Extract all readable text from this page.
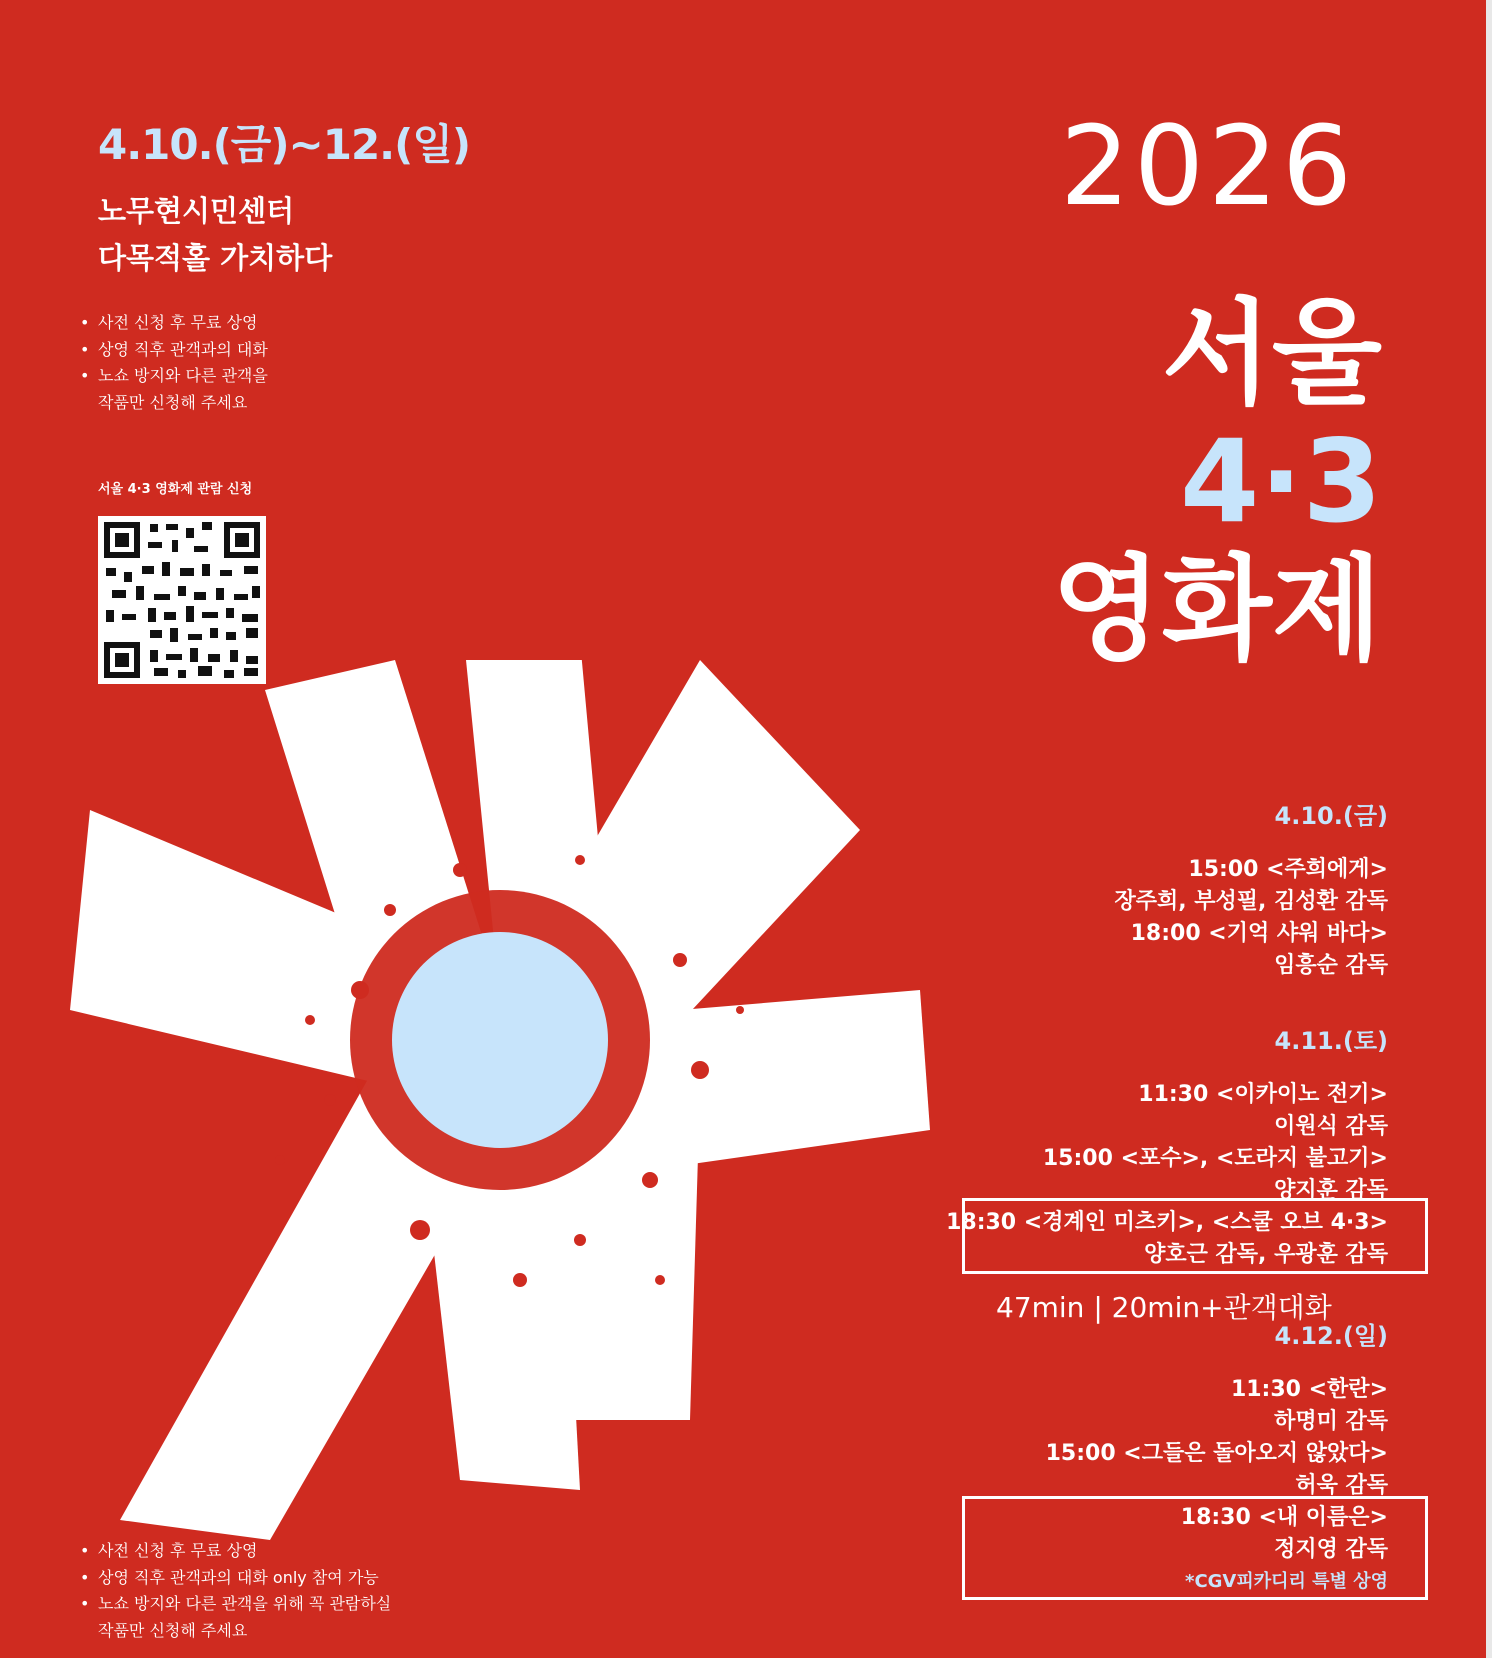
4.10.(금)~12.(일)
노무현시민센터
다목적홀 가치하다
• 사전 신청 후 무료 상영
• 상영 직후 관객과의 대화
• 노쇼 방지와 다른 관객을
작품만 신청해 주세요
서울 4·3 영화제 관람 신청
2026
서울
4·3
영화제
4.10.(금)
15:00 <주희에게>
장주희, 부성필, 김성환 감독
18:00 <기억 샤워 바다>
임흥순 감독
4.11.(토)
11:30 <이카이노 전기>
이원식 감독
15:00 <포수>, <도라지 불고기>
양지훈 감독
18:30 <경계인 미츠키>, <스쿨 오브 4·3>
양호근 감독, 우광훈 감독
47min | 20min+관객대화
4.12.(일)
11:30 <한란>
하명미 감독
15:00 <그들은 돌아오지 않았다>
허욱 감독
18:30 <내 이름은>
정지영 감독
*CGV피카디리 특별 상영
• 사전 신청 후 무료 상영
• 상영 직후 관객과의 대화 only 참여 가능
• 노쇼 방지와 다른 관객을 위해 꼭 관람하실
작품만 신청해 주세요
